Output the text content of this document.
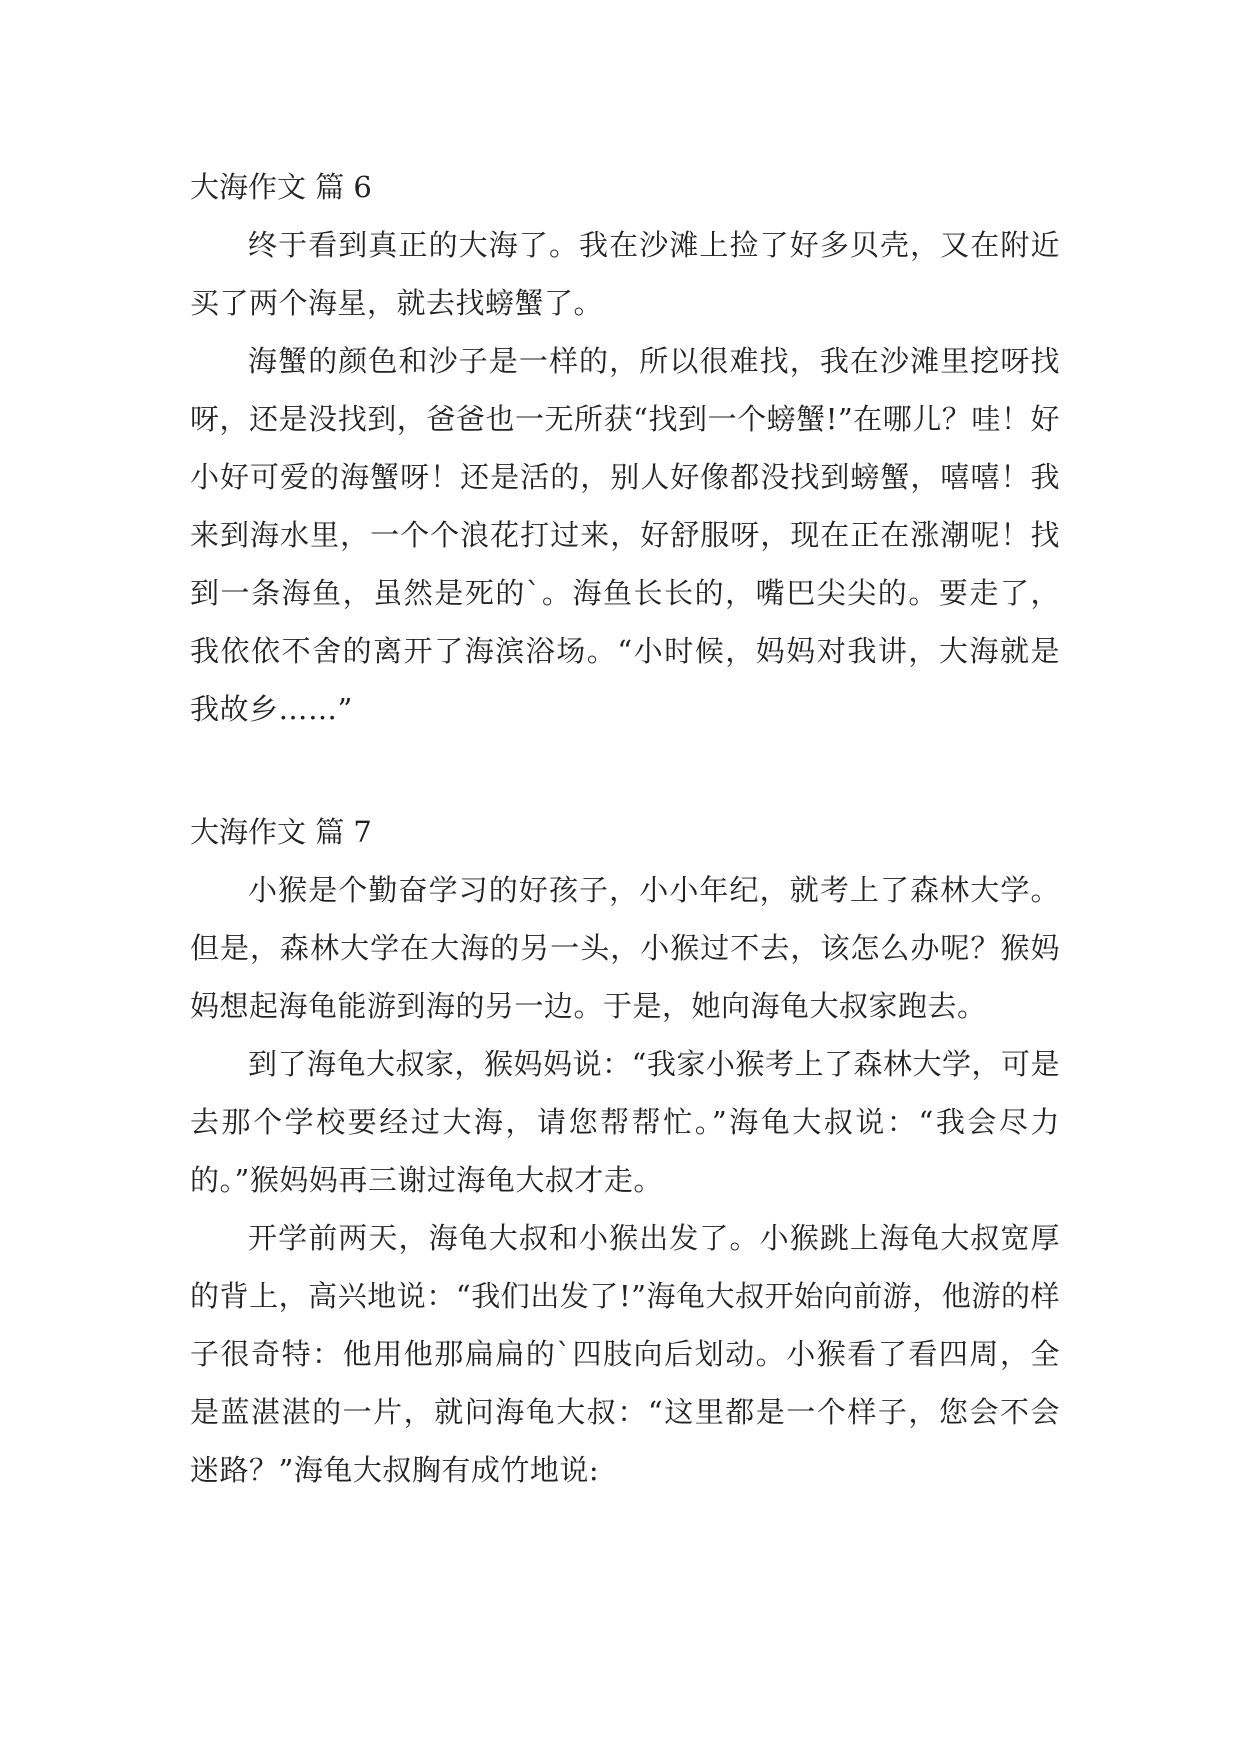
大海作文 篇 6

终于看到真正的大海了。我在沙滩上捡了好多贝壳，又在附近买了两个海星，就去找螃蟹了。

海蟹的颜色和沙子是一样的，所以很难找，我在沙滩里挖呀找呀，还是没找到，爸爸也一无所获“找到一个螃蟹!”在哪儿？哇！好小好可爱的海蟹呀！还是活的，别人好像都没找到螃蟹，嘻嘻！我来到海水里，一个个浪花打过来，好舒服呀，现在正在涨潮呢！找到一条海鱼，虽然是死的`。海鱼长长的，嘴巴尖尖的。要走了，我依依不舍的离开了海滨浴场。“小时候，妈妈对我讲，大海就是我故乡……”

大海作文 篇 7

小猴是个勤奋学习的好孩子，小小年纪，就考上了森林大学。但是，森林大学在大海的另一头，小猴过不去，该怎么办呢？猴妈妈想起海龟能游到海的另一边。于是，她向海龟大叔家跑去。

到了海龟大叔家，猴妈妈说：“我家小猴考上了森林大学，可是去那个学校要经过大海，请您帮帮忙。”海龟大叔说：“我会尽力的。”猴妈妈再三谢过海龟大叔才走。

开学前两天，海龟大叔和小猴出发了。小猴跳上海龟大叔宽厚的背上，高兴地说：“我们出发了!”海龟大叔开始向前游，他游的样子很奇特：他用他那扁扁的`四肢向后划动。小猴看了看四周，全是蓝湛湛的一片，就问海龟大叔：“这里都是一个样子，您会不会迷路？”海龟大叔胸有成竹地说:
